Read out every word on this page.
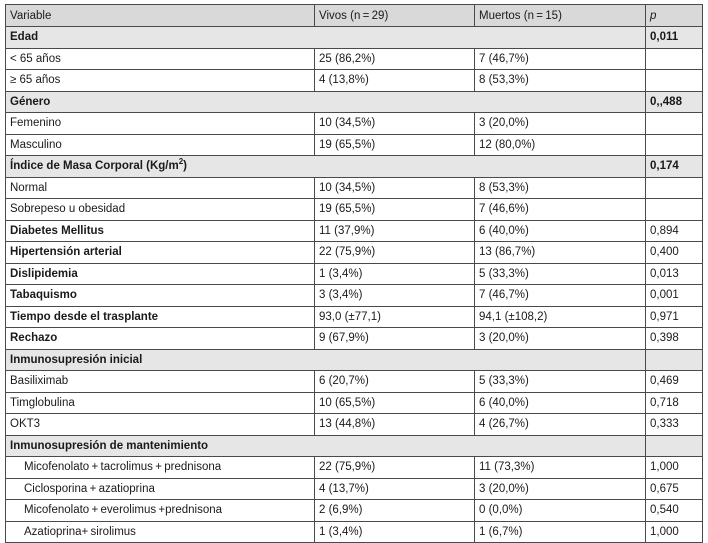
Variable	Vivos (n = 29)	Muertos (n = 15)	p
Edad			0,011
< 65 años	25 (86,2%)	7 (46,7%)	
≥ 65 años	4 (13,8%)	8 (53,3%)	
Género			0,,488
Femenino	10 (34,5%)	3 (20,0%)	
Masculino	19 (65,5%)	12 (80,0%)	
Índice de Masa Corporal $(Kg/m^2)$			0,174
Normal	10 (34,5%)	8 (53,3%)	
Sobrepeso u obesidad	19 (65,5%)	7 (46,6%)	
Diabetes Mellitus	11 (37,9%)	6 (40,0%)	0,894
Hipertensión arterial	22 (75,9%)	13 (86,7%)	0,400
Dislipidemia	1 (3,4%)	5 (33,3%)	0,013
Tabaquismo	3 (3,4%)	7 (46,7%)	0,001
Tiempo desde el trasplante	93,0 (±77,1)	94,1 (±108,2)	0,971
Rechazo	9 (67,9%)	3 (20,0%)	0,398
Inmunosupresión inicial			
Basiliximab	6 (20,7%)	5 (33,3%)	0,469
Timglobulina	10 (65,5%)	6 (40,0%)	0,718
OKT3	13 (44,8%)	4 (26,7%)	0,333
Inmunosupresión de mantenimiento			
Micofenolato + tacrolimus + prednisona	22 (75,9%)	11 (73,3%)	1,000
Ciclosporina + azatioprina	4 (13,7%)	3 (20,0%)	0,675
Micofenolato + everolimus +prednisona	2 (6,9%)	0 (0,0%)	0,540
Azatioprina+ sirolimus	1 (3,4%)	1 (6,7%)	1,000
